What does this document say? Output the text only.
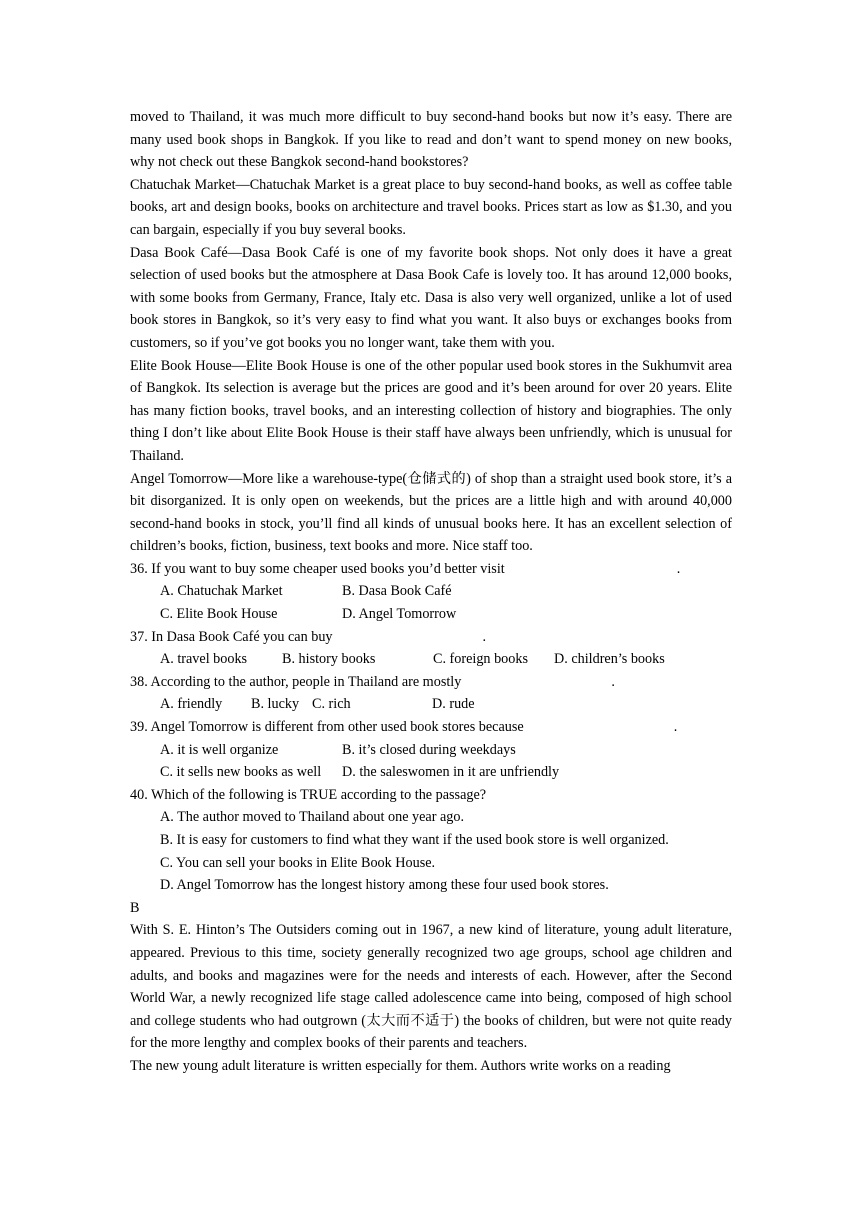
moved to Thailand, it was much more difficult to buy second-hand books but now it’s easy. There are many used book shops in Bangkok. If you like to read and don’t want to spend money on new books, why not check out these Bangkok second-hand bookstores?

Chatuchak Market—Chatuchak Market is a great place to buy second-hand books, as well as coffee table books, art and design books, books on architecture and travel books. Prices start as low as $1.30, and you can bargain, especially if you buy several books.

Dasa Book Café—Dasa Book Café is one of my favorite book shops. Not only does it have a great selection of used books but the atmosphere at Dasa Book Cafe is lovely too. It has around 12,000 books, with some books from Germany, France, Italy etc. Dasa is also very well organized, unlike a lot of used book stores in Bangkok, so it’s very easy to find what you want. It also buys or exchanges books from customers, so if you’ve got books you no longer want, take them with you.

Elite Book House—Elite Book House is one of the other popular used book stores in the Sukhumvit area of Bangkok. Its selection is average but the prices are good and it’s been around for over 20 years. Elite has many fiction books, travel books, and an interesting collection of history and biographies. The only thing I don’t like about Elite Book House is their staff have always been unfriendly, which is unusual for Thailand.

Angel Tomorrow—More like a warehouse-type(仓储式的) of shop than a straight used book store, it’s a bit disorganized. It is only open on weekends, but the prices are a little high and with around 40,000 second-hand books in stock, you’ll find all kinds of unusual books here. It has an excellent selection of children’s books, fiction, business, text books and more. Nice staff too.

36. If you want to buy some cheaper used books you’d better visit	.

A. Chatuchak Market	B. Dasa Book Café
C. Elite Book House	D. Angel Tomorrow

37. In Dasa Book Café you can buy	.

A. travel books B. history books	C. foreign books D. children’s books

38. According to the author, people in Thailand are mostly	.

A. friendly B. lucky C. rich	D. rude

39. Angel Tomorrow is different from other used book stores because	.

A. it is well organize	B. it’s closed during weekdays
C. it sells new books as well D. the saleswomen in it are unfriendly

40. Which of the following is TRUE according to the passage?

A. The author moved to Thailand about one year ago.
B. It is easy for customers to find what they want if the used book store is well organized.
C. You can sell your books in Elite Book House.
D. Angel Tomorrow has the longest history among these four used book stores.

B

With S. E. Hinton’s The Outsiders coming out in 1967, a new kind of literature, young adult literature, appeared. Previous to this time, society generally recognized two age groups, school age children and adults, and books and magazines were for the needs and interests of each. However, after the Second World War, a newly recognized life stage called adolescence came into being, composed of high school and college students who had outgrown (太大而不适于) the books of children, but were not quite ready for the more lengthy and complex books of their parents and teachers.

The new young adult literature is written especially for them. Authors write works on a reading
